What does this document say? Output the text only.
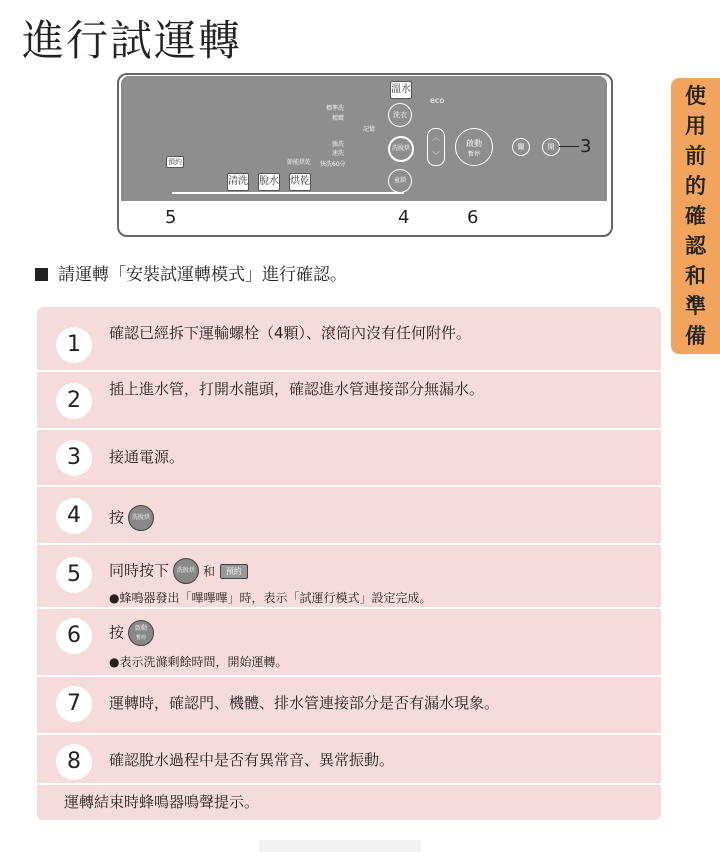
進行試運轉
使
用
前
的
確
認
和
準
備
溫水
標準洗
精緻	洗衣
記憶
強洗
速洗
快洗60分
節能烘乾
洗脫烘
童鎖
︿
﹀
eco
啟動
暫停
關	開
預約
清洗 脫水 烘乾
5	4	6
3
請運轉「安裝試運轉模式」進行確認。
1	確認已經拆下運輸螺栓（4顆）、滾筒內沒有任何附件。
2	插上進水管，打開水龍頭，確認進水管連接部分無漏水。
3	接通電源。
4	按 洗脫烘
5	同時按下 洗脫烘 和 預約
●蜂鳴器發出「嗶嗶嗶」時，表示「試運行模式」設定完成。
6	按 啟動
暫停
●表示洗滌剩餘時間，開始運轉。
7	運轉時，確認門、機體、排水管連接部分是否有漏水現象。
8	確認脫水過程中是否有異常音、異常振動。
運轉結束時蜂鳴器鳴聲提示。
